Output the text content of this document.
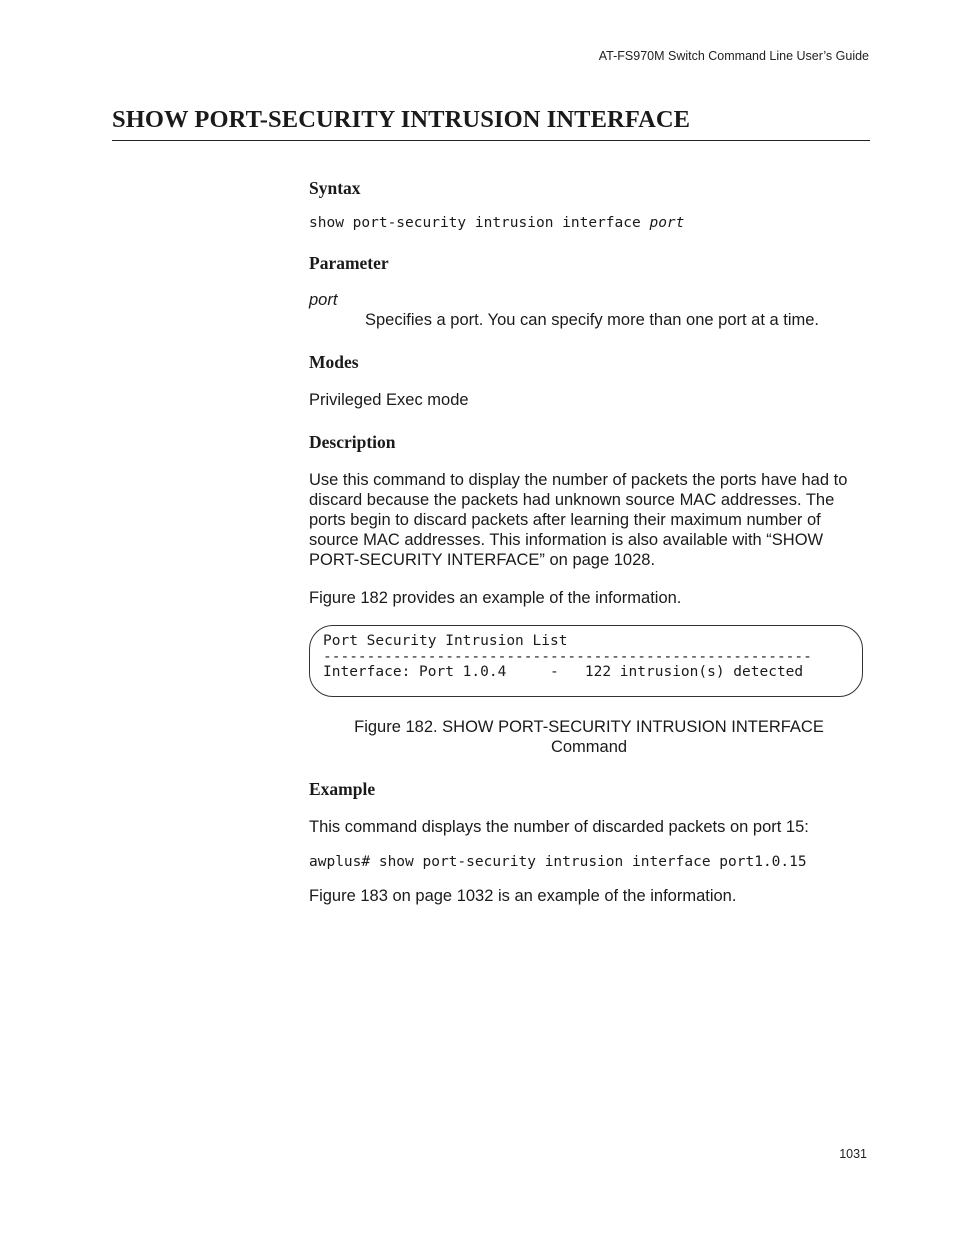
AT-FS970M Switch Command Line User’s Guide
SHOW PORT-SECURITY INTRUSION INTERFACE
Syntax

show port-security intrusion interface port

Parameter

port

Specifies a port. You can specify more than one port at a time.

Modes

Privileged Exec mode

Description

Use this command to display the number of packets the ports have had to

discard because the packets had unknown source MAC addresses. The

ports begin to discard packets after learning their maximum number of

source MAC addresses. This information is also available with “SHOW

PORT-SECURITY INTERFACE” on page 1028.

Figure 182 provides an example of the information.

Port Security Intrusion List

--------------------------------------------------------

Interface: Port 1.0.4     -   122 intrusion(s) detected

Figure 182. SHOW PORT-SECURITY INTRUSION INTERFACE

Command

Example

This command displays the number of discarded packets on port 15:

awplus# show port-security intrusion interface port1.0.15

Figure 183 on page 1032 is an example of the information.

1031
